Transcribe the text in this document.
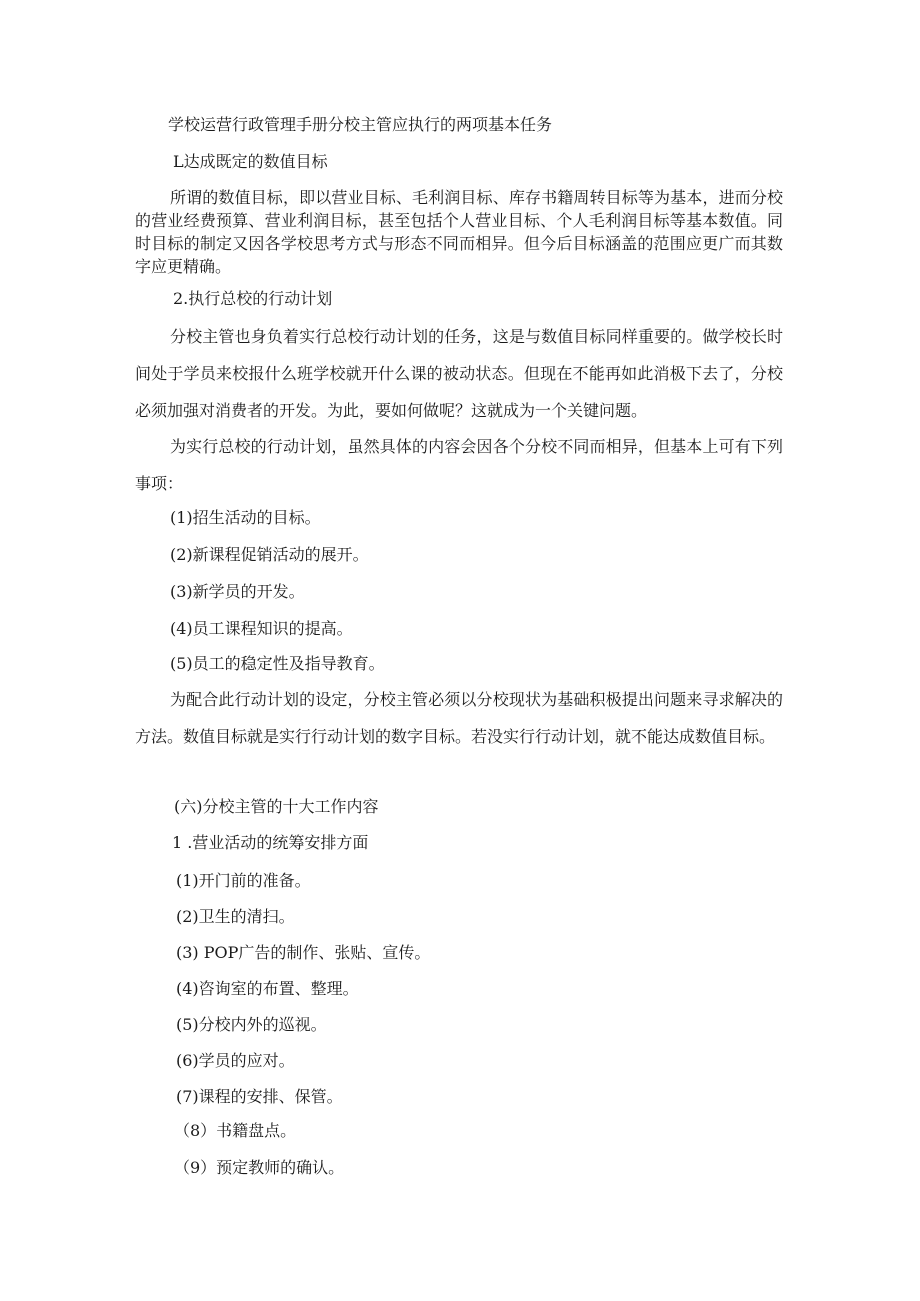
学校运营行政管理手册分校主管应执行的两项基本任务
L达成既定的数值目标
所谓的数值目标，即以营业目标、毛利润目标、库存书籍周转目标等为基本，进而分校的营业经费预算、营业利润目标，甚至包括个人营业目标、个人毛利润目标等基本数值。同时目标的制定又因各学校思考方式与形态不同而相异。但今后目标涵盖的范围应更广而其数字应更精确。
2.执行总校的行动计划
分校主管也身负着实行总校行动计划的任务，这是与数值目标同样重要的。做学校长时间处于学员来校报什么班学校就开什么课的被动状态。但现在不能再如此消极下去了，分校必须加强对消费者的开发。为此，要如何做呢？这就成为一个关键问题。
为实行总校的行动计划，虽然具体的内容会因各个分校不同而相异，但基本上可有下列事项：
(1)招生活动的目标。
(2)新课程促销活动的展开。
(3)新学员的开发。
(4)员工课程知识的提高。
(5)员工的稳定性及指导教育。
为配合此行动计划的设定，分校主管必须以分校现状为基础积极提出问题来寻求解决的方法。数值目标就是实行行动计划的数字目标。若没实行行动计划，就不能达成数值目标。
(六)分校主管的十大工作内容
1 .营业活动的统筹安排方面
(1)开门前的准备。
(2)卫生的清扫。
(3) POP广告的制作、张贴、宣传。
(4)咨询室的布置、整理。
(5)分校内外的巡视。
(6)学员的应对。
(7)课程的安排、保管。
（8）书籍盘点。
（9）预定教师的确认。
